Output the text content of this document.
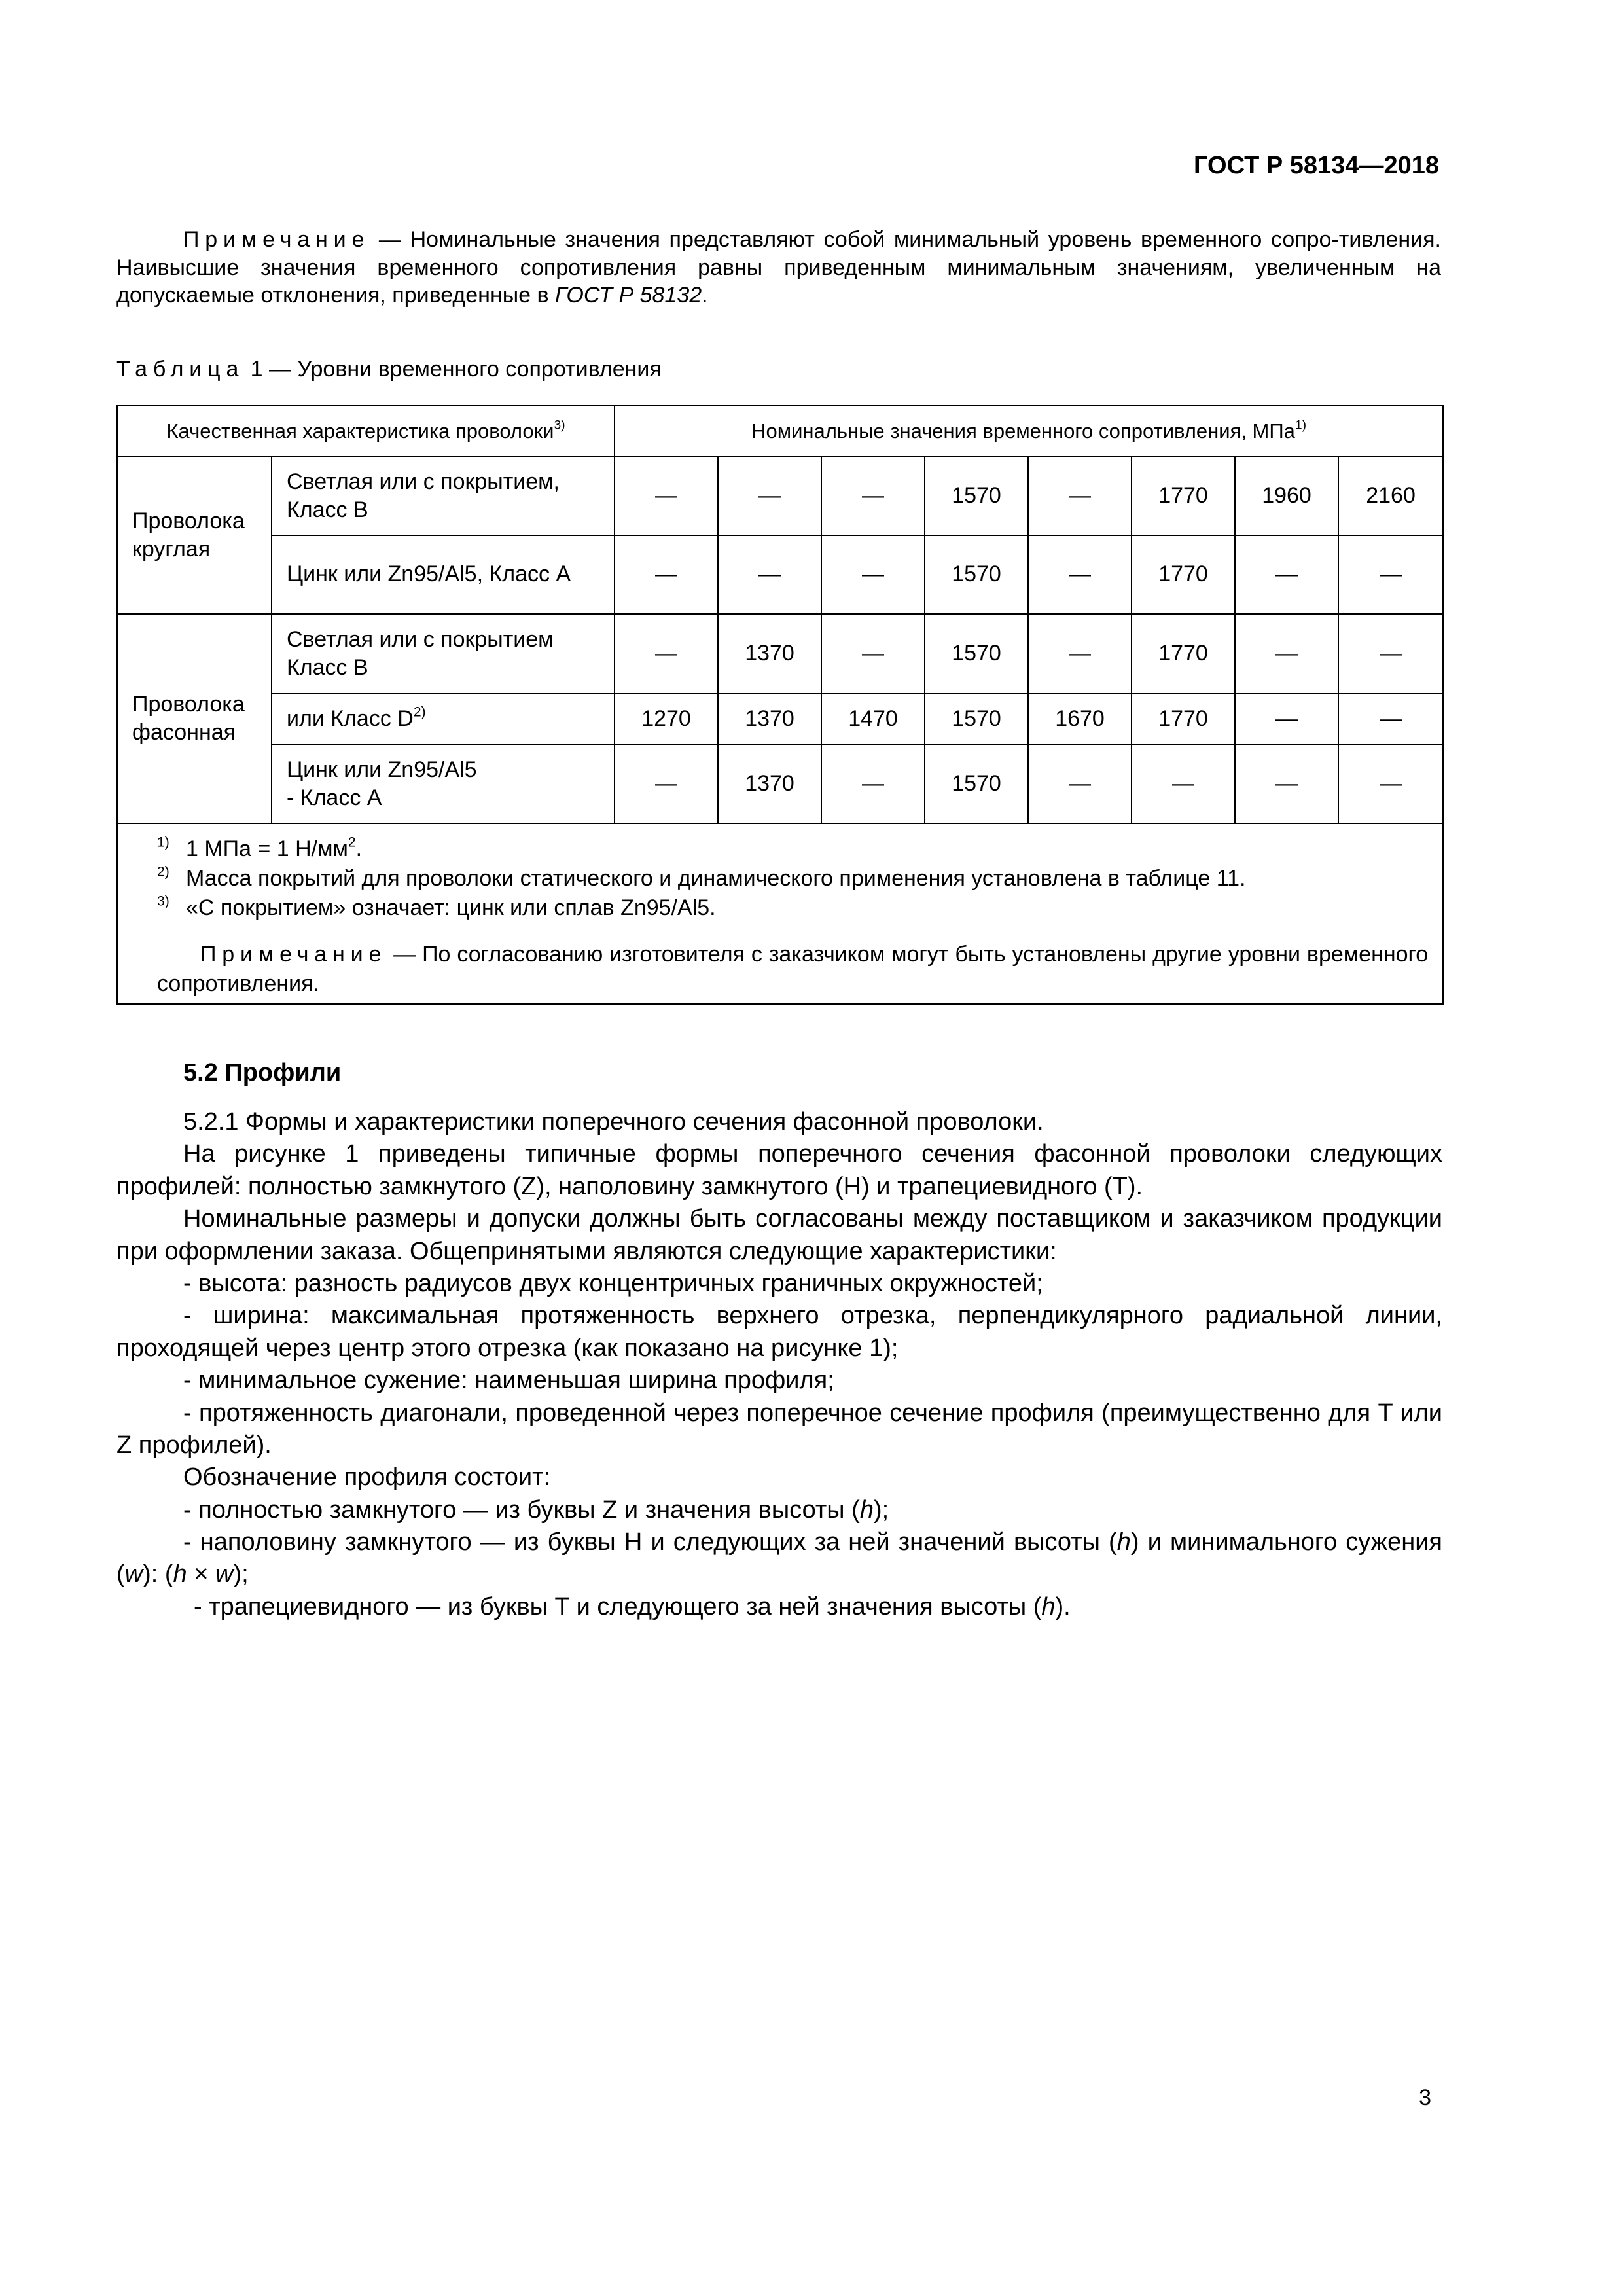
ГОСТ Р 58134—2018
Примечание — Номинальные значения представляют собой минимальный уровень временного сопро-тивления. Наивысшие значения временного сопротивления равны приведенным минимальным значениям, увеличенным на допускаемые отклонения, приведенные в ГОСТ Р 58132.
Таблица 1 — Уровни временного сопротивления
Качественная характеристика проволоки$^{3)}$		Номинальные значения временного сопротивления, МПа$^{1)}$
Проволока круглая	Светлая или с покрытием, Класс B	—	—	—	1570	—	1770	1960	2160
	Цинк или Zn95/Al5, Класс A	—	—	—	1570	—	1770	—	—
Проволока фасонная	Светлая или с покрытием Класс B	—	1370	—	1570	—	1770	—	—
	или Класс $D^{2)}$	1270	1370	1470	1570	1670	1770	—	—
	Цинк или Zn95/Al5
- Класс A	—	1370	—	1570	—	—	—	—

$^{1)}$ 1 МПа = 1 $Н/мм^2$.
$^{2)}$ Масса покрытий для проволоки статического и динамического применения установлена в таблице 11.
$^{3)}$ «С покрытием» означает: цинк или сплав Zn95/Al5.

Примечание — По согласованию изготовителя с заказчиком могут быть установлены другие уровни временного сопротивления.									

5.2 Профили

5.2.1 Формы и характеристики поперечного сечения фасонной проволоки.

На рисунке 1 приведены типичные формы поперечного сечения фасонной проволоки следующих профилей: полностью замкнутого (Z), наполовину замкнутого (H) и трапециевидного (T).

Номинальные размеры и допуски должны быть согласованы между поставщиком и заказчиком продукции при оформлении заказа. Общепринятыми являются следующие характеристики:

- высота: разность радиусов двух концентричных граничных окружностей;

- ширина: максимальная протяженность верхнего отрезка, перпендикулярного радиальной линии, проходящей через центр этого отрезка (как показано на рисунке 1);

- минимальное сужение: наименьшая ширина профиля;

- протяженность диагонали, проведенной через поперечное сечение профиля (преимущественно для T или Z профилей).

Обозначение профиля состоит:

- полностью замкнутого — из буквы Z и значения высоты (h);

- наполовину замкнутого — из буквы H и следующих за ней значений высоты (h) и минимального сужения (w): (h × w);

- трапециевидного — из буквы T и следующего за ней значения высоты (h).

3
